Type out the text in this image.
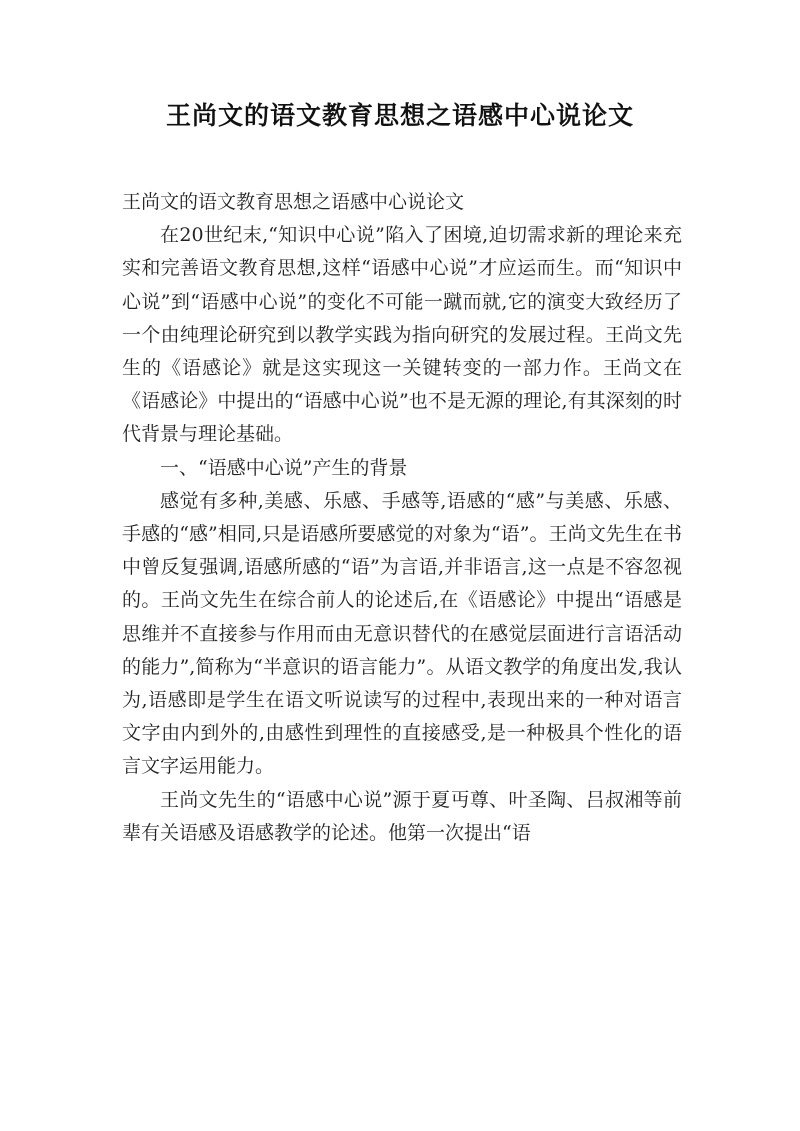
王尚文的语文教育思想之语感中心说论文

王尚文的语文教育思想之语感中心说论文

在20世纪末,“知识中心说”陷入了困境,迫切需求新的理论来充实和完善语文教育思想,这样“语感中心说”才应运而生。而“知识中心说”到“语感中心说”的变化不可能一蹴而就,它的演变大致经历了一个由纯理论研究到以教学实践为指向研究的发展过程。王尚文先生的《语感论》就是这实现这一关键转变的一部力作。王尚文在《语感论》中提出的“语感中心说”也不是无源的理论,有其深刻的时代背景与理论基础。

一、“语感中心说”产生的背景

感觉有多种,美感、乐感、手感等,语感的“感”与美感、乐感、手感的“感”相同,只是语感所要感觉的对象为“语”。王尚文先生在书中曾反复强调,语感所感的“语”为言语,并非语言,这一点是不容忽视的。王尚文先生在综合前人的论述后,在《语感论》中提出“语感是思维并不直接参与作用而由无意识替代的在感觉层面进行言语活动的能力”,简称为“半意识的语言能力”。从语文教学的角度出发,我认为,语感即是学生在语文听说读写的过程中,表现出来的一种对语言文字由内到外的,由感性到理性的直接感受,是一种极具个性化的语言文字运用能力。

王尚文先生的“语感中心说”源于夏丏尊、叶圣陶、吕叔湘等前辈有关语感及语感教学的论述。他第一次提出“语
